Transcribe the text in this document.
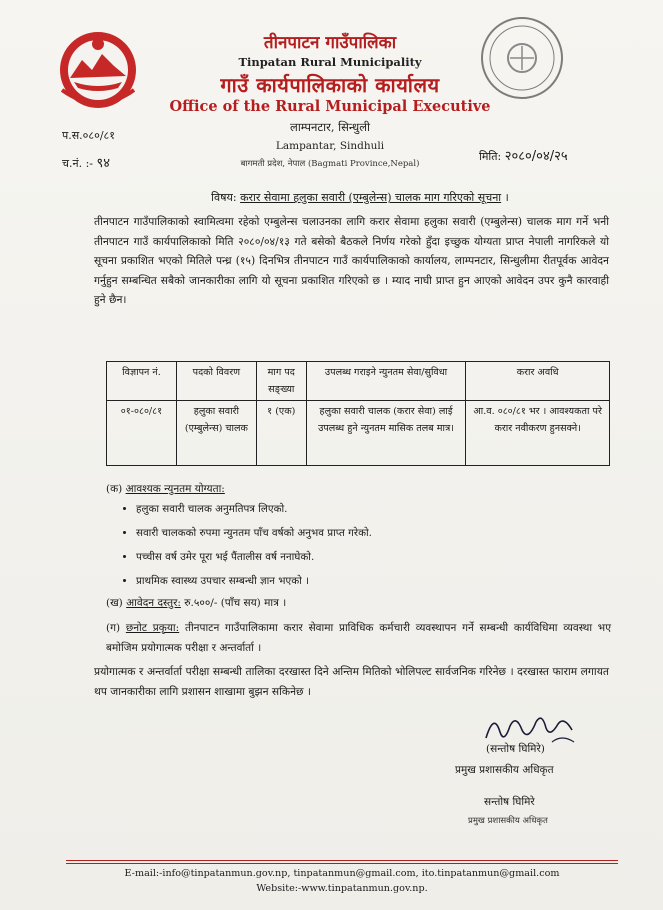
तीनपाटन गाउँपालिका
Tinpatan Rural Municipality
गाउँ कार्यपालिकाको कार्यालय
Office of the Rural Municipal Executive
लाम्पनटार, सिन्धुली
Lampantar, Sindhuli
बागमती प्रदेश, नेपाल (Bagmati Province,Nepal)
प.स.०८०/८१
च.नं. :- ९४	मिति: २०८०/०४/२५
विषय: करार सेवामा हलुका सवारी (एम्बुलेन्स) चालक माग गरिएको सूचना ।
तीनपाटन गाउँपालिकाको स्वामित्वमा रहेको एम्बुलेन्स चलाउनका लागि करार सेवामा हलुका सवारी (एम्बुलेन्स) चालक माग गर्ने भनी तीनपाटन गाउँ कार्यपालिकाको मिति २०८०/०४/१३ गते बसेको बैठकले निर्णय गरेको हुँदा इच्छुक योग्यता प्राप्त नेपाली नागरिकले यो सूचना प्रकाशित भएको मितिले पन्ध्र (१५) दिनभित्र तीनपाटन गाउँ कार्यपालिकाको कार्यालय, लाम्पनटार, सिन्धुलीमा रीतपूर्वक आवेदन गर्नुहुन सम्बन्धित सबैको जानकारीका लागि यो सूचना प्रकाशित गरिएको छ । म्याद नाघी प्राप्त हुन आएको आवेदन उपर कुनै कारवाही हुने छैन।
विज्ञापन नं.	पदको विवरण	माग पद सङ्ख्या	उपलब्ध गराइने न्युनतम सेवा/सुविधा	करार अवधि
०१-०८०/८१	हलुका सवारी (एम्बुलेन्स) चालक	१ (एक)	हलुका सवारी चालक (करार सेवा) लाई उपलब्ध हुने न्युनतम मासिक तलब मात्र।	आ.व. ०८०/८१ भर । आवश्यकता परे करार नवीकरण हुनसक्ने।
(क) आवश्यक न्युनतम योग्यता:
• हलुका सवारी चालक अनुमतिपत्र लिएको.
• सवारी चालकको रुपमा न्युनतम पाँच वर्षको अनुभव प्राप्त गरेको.
• पच्चीस वर्ष उमेर पूरा भई पैंतालीस वर्ष ननाघेको.
• प्राथमिक स्वास्थ्य उपचार सम्बन्धी ज्ञान भएको ।
(ख) आवेदन दस्तुर: रु.५००/- (पाँच सय) मात्र ।
(ग) छनोट प्रकृया: तीनपाटन गाउँपालिकामा करार सेवामा प्राविधिक कर्मचारी व्यवस्थापन गर्ने सम्बन्धी कार्यविधिमा व्यवस्था भए बमोजिम प्रयोगात्मक परीक्षा र अन्तर्वार्ता ।
प्रयोगात्मक र अन्तर्वार्ता परीक्षा सम्बन्धी तालिका दरखास्त दिने अन्तिम मितिको भोलिपल्ट सार्वजनिक गरिनेछ । दरखास्त फाराम लगायत थप जानकारीका लागि प्रशासन शाखामा बुझन सकिनेछ ।
(सन्तोष घिमिरे)
प्रमुख प्रशासकीय अधिकृत
सन्तोष घिमिरे
प्रमुख प्रशासकीय अधिकृत
E-mail:-info@tinpatanmun.gov.np, tinpatanmun@gmail.com, ito.tinpatanmun@gmail.com
Website:-www.tinpatanmun.gov.np.
